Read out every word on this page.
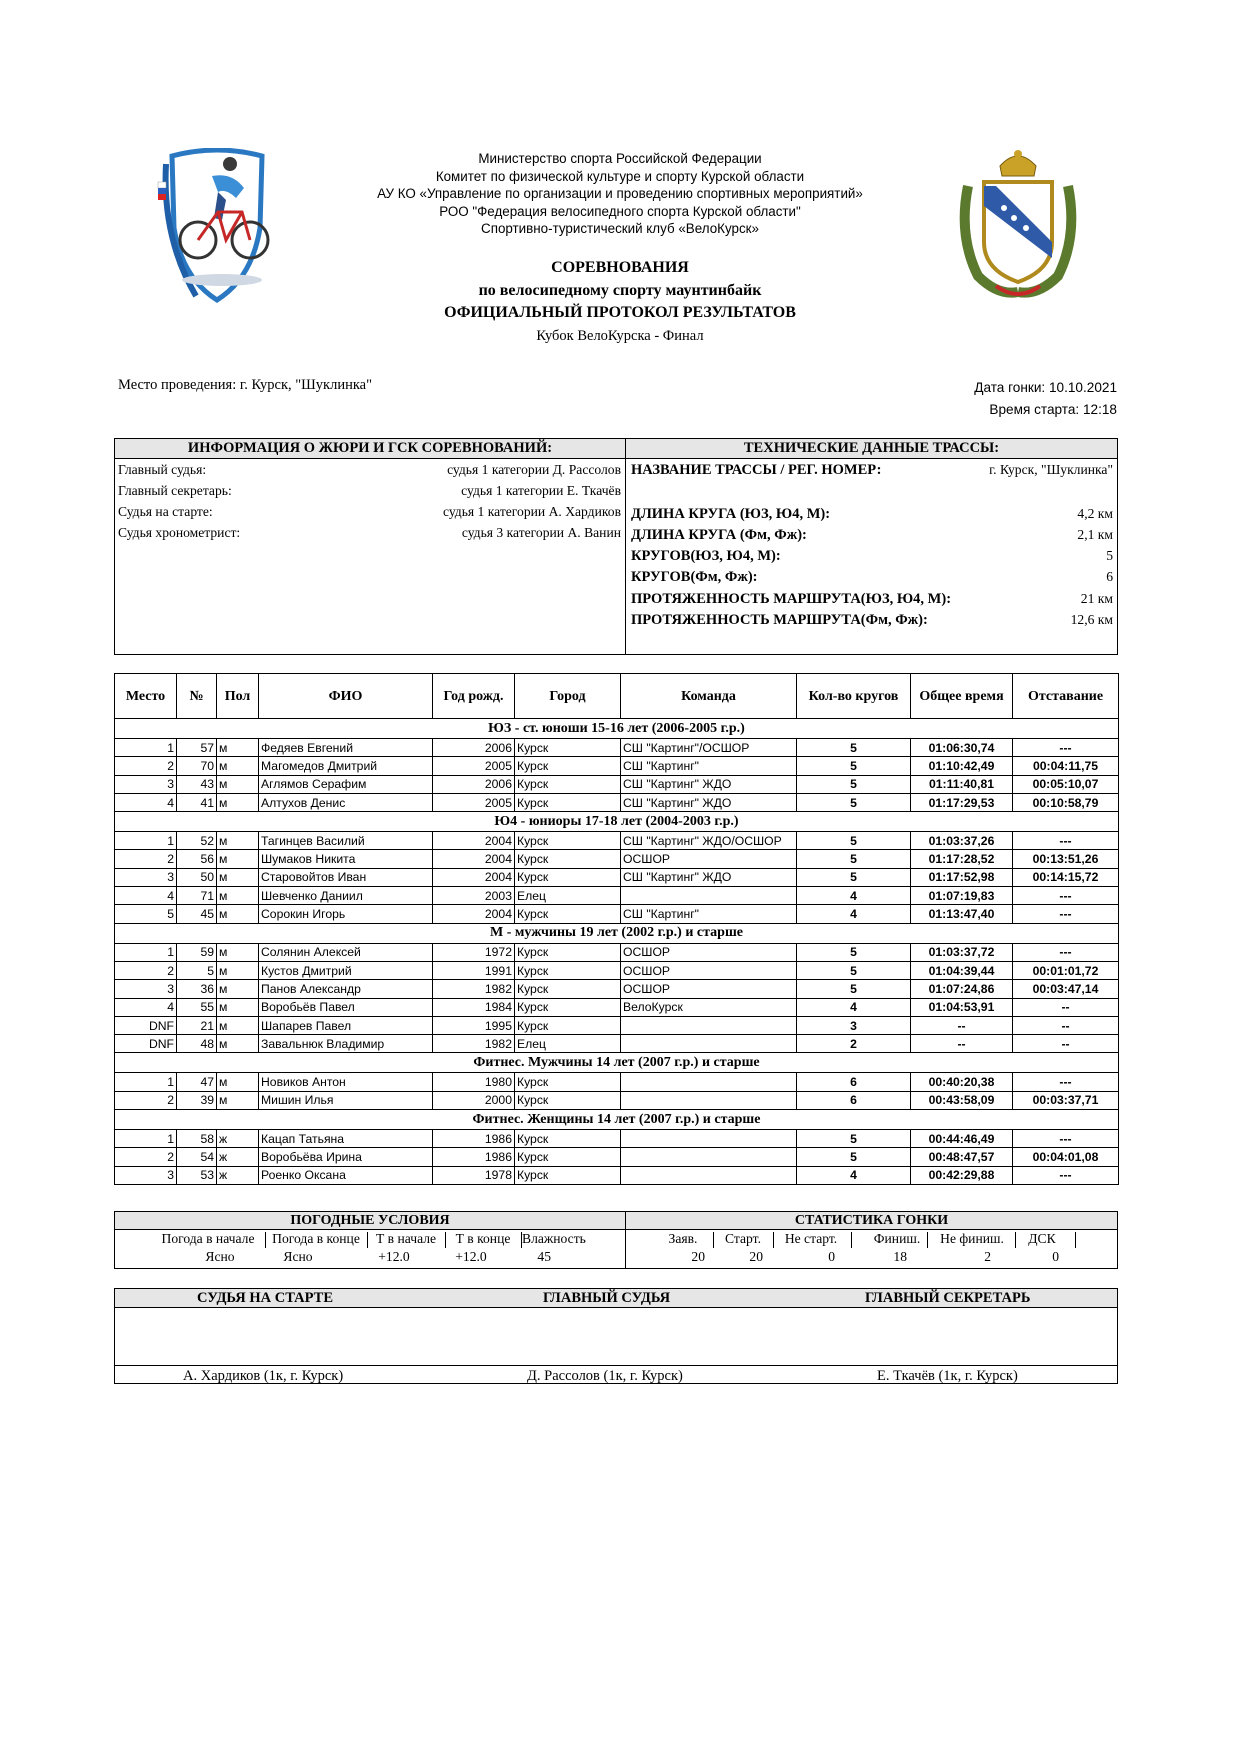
Министерство спорта Российской Федерации
Комитет по физической культуре и спорту Курской области
АУ КО «Управление по организации и проведению спортивных мероприятий»
РОО "Федерация велосипедного спорта Курской области"
Спортивно-туристический клуб «ВелоКурск»
СОРЕВНОВАНИЯ
по велосипедному спорту маунтинбайк
ОФИЦИАЛЬНЫЙ ПРОТОКОЛ РЕЗУЛЬТАТОВ
Кубок ВелоКурска - Финал
Место проведения: г. Курск, "Шуклинка"	Дата гонки: 10.10.2021
Время старта: 12:18
ИНФОРМАЦИЯ О ЖЮРИ И ГСК СОРЕВНОВАНИЙ:	ТЕХНИЧЕСКИЕ ДАННЫЕ ТРАССЫ:
Главный судья:	судья 1 категории Д. Рассолов
Главный секретарь:	судья 1 категории Е. Ткачёв
Судья на старте:	судья 1 категории А. Хардиков
Судья хронометрист:	судья 3 категории А. Ванин
НАЗВАНИЕ ТРАССЫ / РЕГ. НОМЕР:	г. Курск, "Шуклинка"
ДЛИНА КРУГА (ЮЗ, Ю4, М):	4,2 км
ДЛИНА КРУГА (Фм, Фж):	2,1 км
КРУГОВ(ЮЗ, Ю4, М):	5
КРУГОВ(Фм, Фж):	6
ПРОТЯЖЕННОСТЬ МАРШРУТА(ЮЗ, Ю4, М):	21 км
ПРОТЯЖЕННОСТЬ МАРШРУТА(Фм, Фж):	12,6 км
Место	№	Пол	ФИО	Год рожд.	Город	Команда	Кол-во кругов	Общее время	Отставание
ЮЗ - ст. юноши 15-16 лет (2006-2005 г.р.)									
1	57	м	Федяев Евгений	2006	Курск	СШ "Картинг"/ОСШОР	5	01:06:30,74	---
2	70	м	Магомедов Дмитрий	2005	Курск	СШ "Картинг"	5	01:10:42,49	00:04:11,75
3	43	м	Аглямов Серафим	2006	Курск	СШ "Картинг" ЖДО	5	01:11:40,81	00:05:10,07
4	41	м	Алтухов Денис	2005	Курск	СШ "Картинг" ЖДО	5	01:17:29,53	00:10:58,79
Ю4 - юниоры 17-18 лет (2004-2003 г.р.)									
1	52	м	Тагинцев Василий	2004	Курск	СШ "Картинг" ЖДО/ОСШОР	5	01:03:37,26	---
2	56	м	Шумаков Никита	2004	Курск	ОСШОР	5	01:17:28,52	00:13:51,26
3	50	м	Старовойтов Иван	2004	Курск	СШ "Картинг" ЖДО	5	01:17:52,98	00:14:15,72
4	71	м	Шевченко Даниил	2003	Елец		4	01:07:19,83	---
5	45	м	Сорокин Игорь	2004	Курск	СШ "Картинг"	4	01:13:47,40	---
М - мужчины 19 лет (2002 г.р.) и старше									
1	59	м	Солянин Алексей	1972	Курск	ОСШОР	5	01:03:37,72	---
2	5	м	Кустов Дмитрий	1991	Курск	ОСШОР	5	01:04:39,44	00:01:01,72
3	36	м	Панов Александр	1982	Курск	ОСШОР	5	01:07:24,86	00:03:47,14
4	55	м	Воробьёв Павел	1984	Курск	ВелоКурск	4	01:04:53,91	--
DNF	21	м	Шапарев Павел	1995	Курск		3	--	--
DNF	48	м	Завальнюк Владимир	1982	Елец		2	--	--
Фитнес. Мужчины 14 лет (2007 г.р.) и старше									
1	47	м	Новиков Антон	1980	Курск		6	00:40:20,38	---
2	39	м	Мишин Илья	2000	Курск		6	00:43:58,09	00:03:37,71
Фитнес. Женщины 14 лет (2007 г.р.) и старше									
1	58	ж	Кацап Татьяна	1986	Курск		5	00:44:46,49	---
2	54	ж	Воробьёва Ирина	1986	Курск		5	00:48:47,57	00:04:01,08
3	53	ж	Роенко Оксана	1978	Курск		4	00:42:29,88	---
ПОГОДНЫЕ УСЛОВИЯ	СТАТИСТИКА ГОНКИ
Погода в начале	Погода в конце	Т в начале	Т в конце Влажность
Ясно	Ясно	+12.0	+12.0	45
Заяв.	Старт.	Не старт.	Финиш.	Не финиш.	ДСК
20	20	0	18	2	0
СУДЬЯ НА СТАРТЕ	ГЛАВНЫЙ СУДЬЯ	ГЛАВНЫЙ СЕКРЕТАРЬ
А. Хардиков (1к, г. Курск)	Д. Рассолов (1к, г. Курск)	Е. Ткачёв (1к, г. Курск)
